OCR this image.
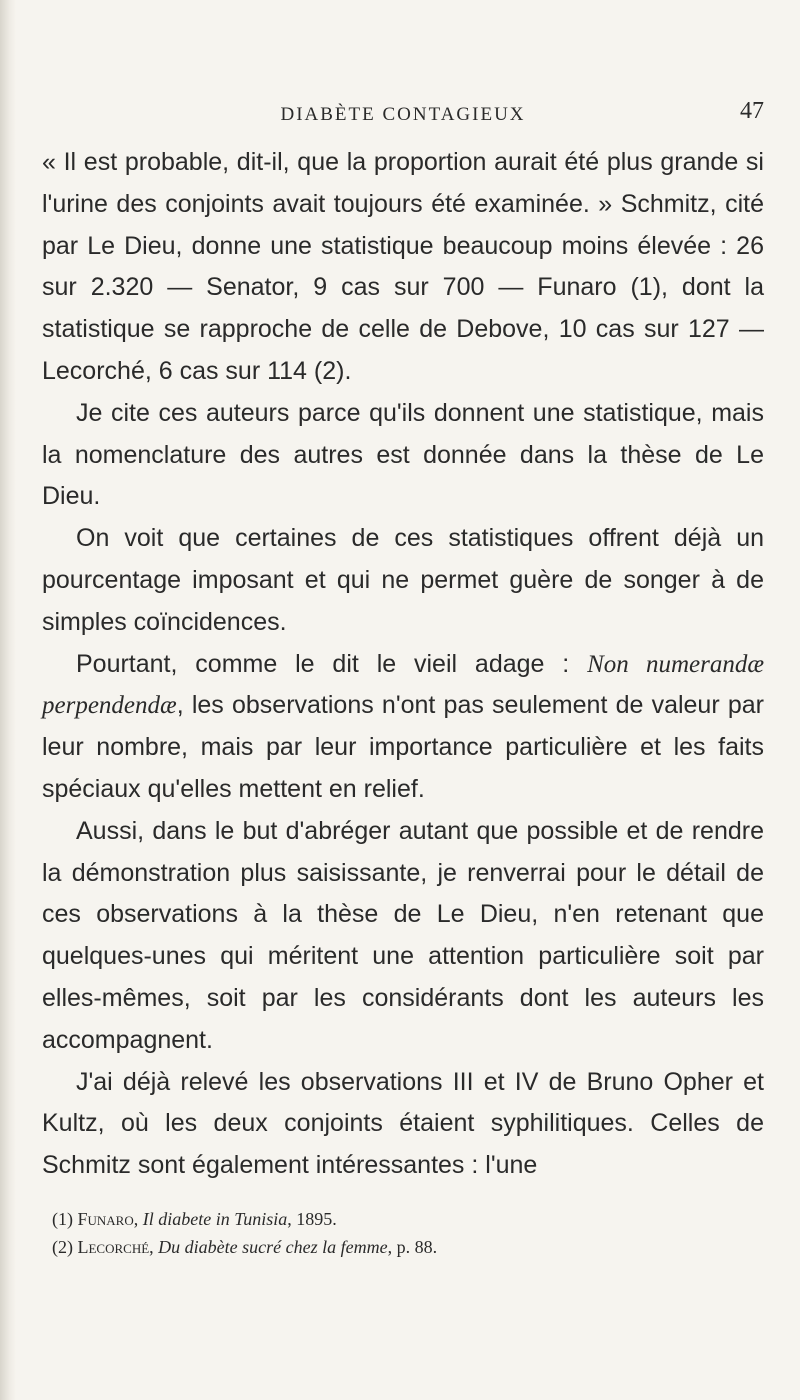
DIABÈTE CONTAGIEUX	47

« Il est probable, dit-il, que la proportion aurait été plus grande si l'urine des conjoints avait toujours été examinée. » Schmitz, cité par Le Dieu, donne une statistique beaucoup moins élevée : 26 sur 2.320 — Senator, 9 cas sur 700 — Funaro (1), dont la statistique se rapproche de celle de Debove, 10 cas sur 127 — Lecorché, 6 cas sur 114 (2).

Je cite ces auteurs parce qu'ils donnent une statistique, mais la nomenclature des autres est donnée dans la thèse de Le Dieu.

On voit que certaines de ces statistiques offrent déjà un pourcentage imposant et qui ne permet guère de songer à de simples coïncidences.

Pourtant, comme le dit le vieil adage : Non numerandæ perpendendæ, les observations n'ont pas seulement de valeur par leur nombre, mais par leur importance particulière et les faits spéciaux qu'elles mettent en relief.

Aussi, dans le but d'abréger autant que possible et de rendre la démonstration plus saisissante, je renverrai pour le détail de ces observations à la thèse de Le Dieu, n'en retenant que quelques-unes qui méritent une attention particulière soit par elles-mêmes, soit par les considérants dont les auteurs les accompagnent.

J'ai déjà relevé les observations III et IV de Bruno Opher et Kultz, où les deux conjoints étaient syphilitiques. Celles de Schmitz sont également intéressantes : l'une

(1) Funaro, Il diabete in Tunisia, 1895.

(2) Lecorché, Du diabète sucré chez la femme, p. 88.
